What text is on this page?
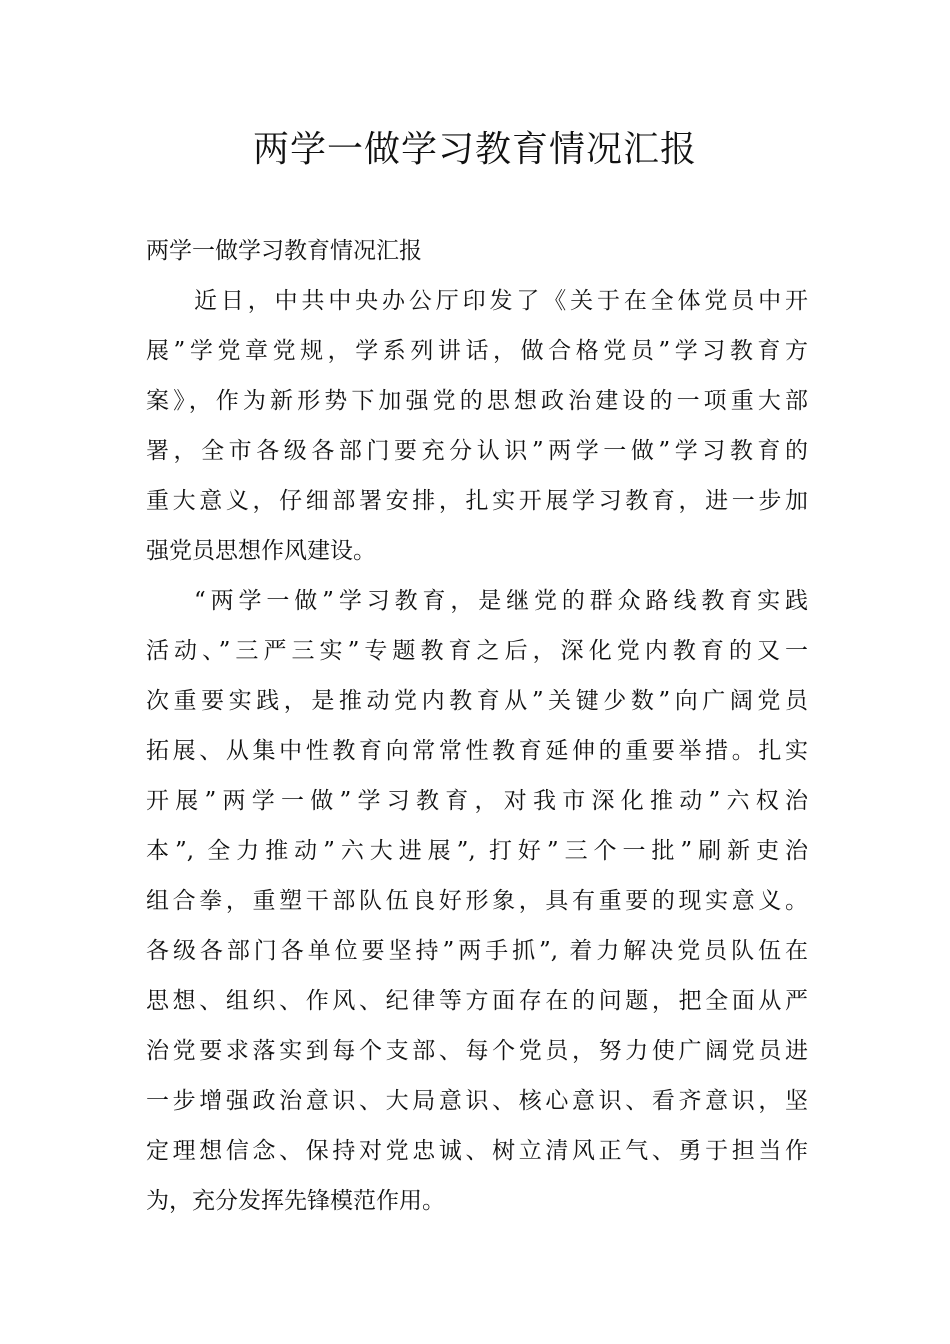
两学一做学习教育情况汇报

两学一做学习教育情况汇报

近日，中共中央办公厅印发了《关于在全体党员中开
展”学党章党规，学系列讲话，做合格党员”学习教育方
案》，作为新形势下加强党的思想政治建设的一项重大部
署，全市各级各部门要充分认识”两学一做”学习教育的
重大意义，仔细部署安排，扎实开展学习教育，进一步加
强党员思想作风建设。
“两学一做”学习教育，是继党的群众路线教育实践
活动、”三严三实”专题教育之后，深化党内教育的又一
次重要实践，是推动党内教育从”关键少数”向广阔党员
拓展、从集中性教育向常常性教育延伸的重要举措。扎实
开展”两学一做”学习教育，对我市深化推动”六权治
本”, 全力推动”六大进展”, 打好”三个一批”刷新吏治
组合拳，重塑干部队伍良好形象，具有重要的现实意义。
各级各部门各单位要坚持”两手抓”, 着力解决党员队伍在
思想、组织、作风、纪律等方面存在的问题，把全面从严
治党要求落实到每个支部、每个党员，努力使广阔党员进
一步增强政治意识、大局意识、核心意识、看齐意识，坚
定理想信念、保持对党忠诚、树立清风正气、勇于担当作
为，充分发挥先锋模范作用。
